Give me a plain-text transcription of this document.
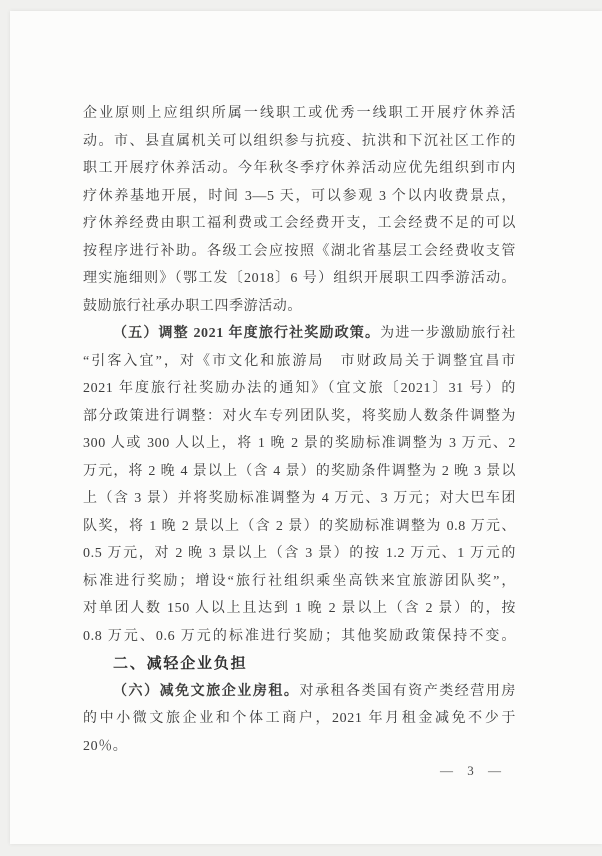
企业原则上应组织所属一线职工或优秀一线职工开展疗休养活
动。市、县直属机关可以组织参与抗疫、抗洪和下沉社区工作的
职工开展疗休养活动。今年秋冬季疗休养活动应优先组织到市内
疗休养基地开展，时间 3—5 天，可以参观 3 个以内收费景点，
疗休养经费由职工福利费或工会经费开支，工会经费不足的可以
按程序进行补助。各级工会应按照《湖北省基层工会经费收支管
理实施细则》（鄂工发〔2018〕6 号）组织开展职工四季游活动。
鼓励旅行社承办职工四季游活动。
（五）调整 2021 年度旅行社奖励政策。为进一步激励旅行社
“引客入宜”，对《市文化和旅游局　市财政局关于调整宜昌市
2021 年度旅行社奖励办法的通知》（宜文旅〔2021〕31 号）的
部分政策进行调整：对火车专列团队奖，将奖励人数条件调整为
300 人或 300 人以上，将 1 晚 2 景的奖励标准调整为 3 万元、2
万元，将 2 晚 4 景以上（含 4 景）的奖励条件调整为 2 晚 3 景以
上（含 3 景）并将奖励标准调整为 4 万元、3 万元；对大巴车团
队奖，将 1 晚 2 景以上（含 2 景）的奖励标准调整为 0.8 万元、
0.5 万元，对 2 晚 3 景以上（含 3 景）的按 1.2 万元、1 万元的
标准进行奖励；增设“旅行社组织乘坐高铁来宜旅游团队奖”，
对单团人数 150 人以上且达到 1 晚 2 景以上（含 2 景）的，按
0.8 万元、0.6 万元的标准进行奖励；其他奖励政策保持不变。
二、减轻企业负担
（六）减免文旅企业房租。对承租各类国有资产类经营用房
的中小微文旅企业和个体工商户，2021 年月租金减免不少于
20％。
— 3 —
